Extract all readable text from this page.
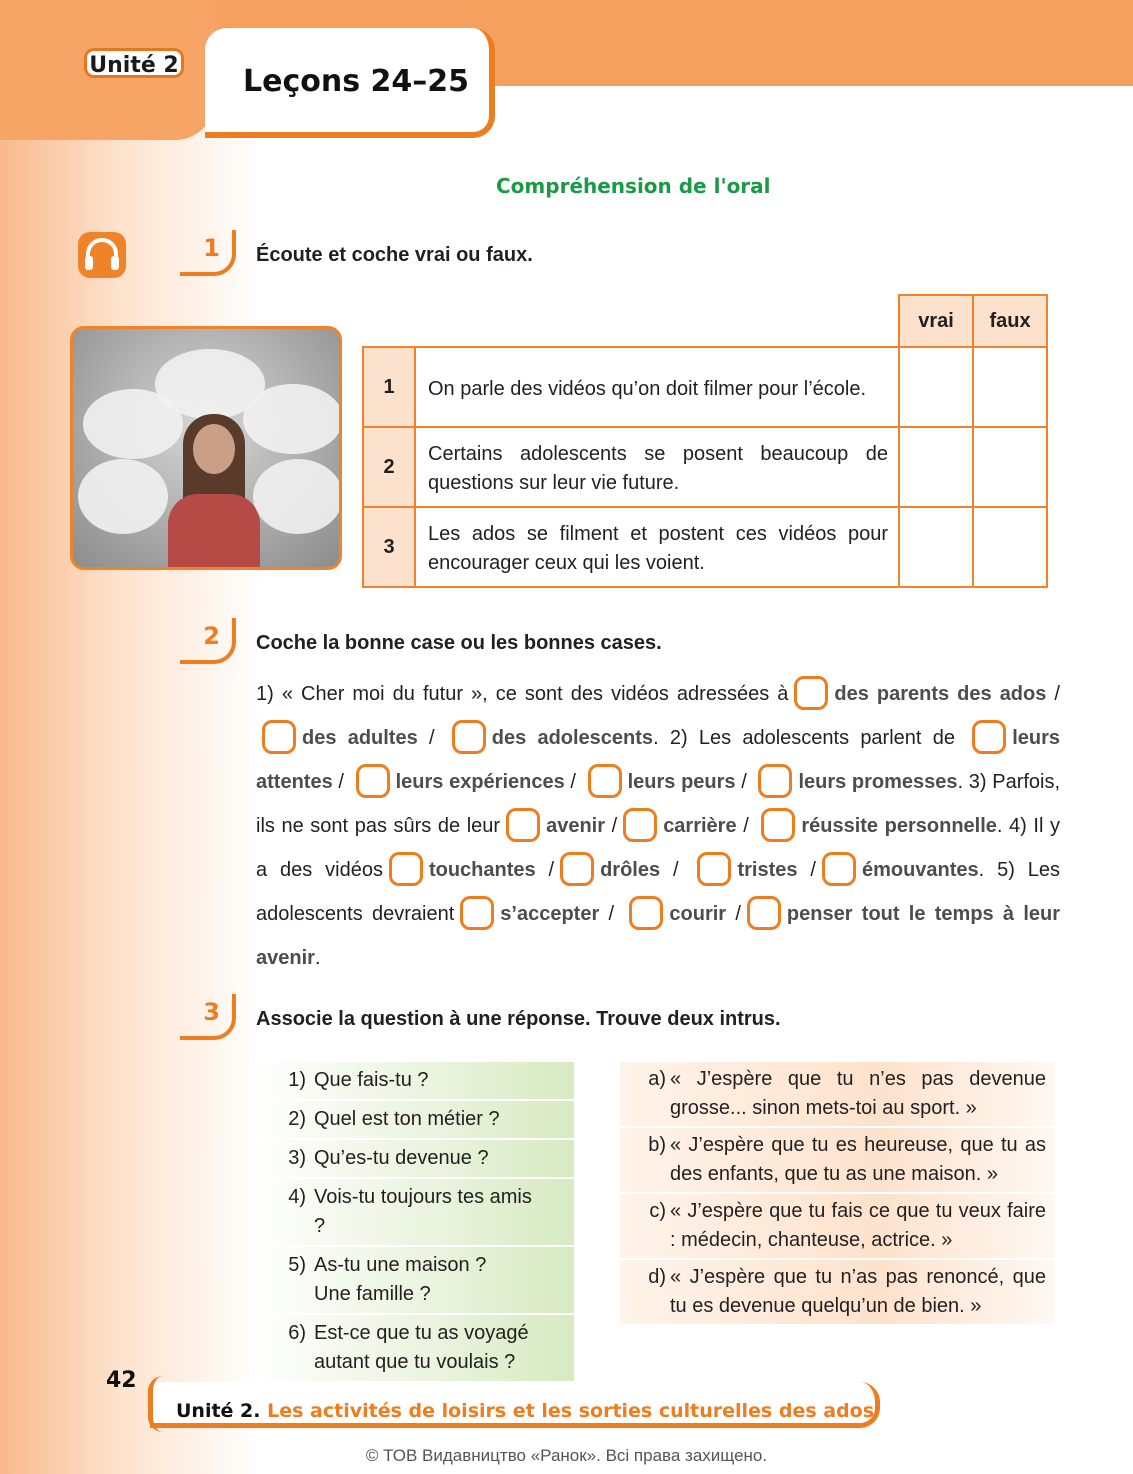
Unité 2 Leçons 24–25
Compréhension de l'oral
1 Écoute et coche vrai ou faux.
		vrai	faux
1	On parle des vidéos qu’on doit filmer pour l’école.		
2	Certains adolescents se posent beaucoup de questions sur leur vie future.		
3	Les ados se filment et postent ces vidéos pour encourager ceux qui les voient.		
2 Coche la bonne case ou les bonnes cases.
1) « Cher moi du futur », ce sont des vidéos adressées à des parents des ados / des adultes /	des adolescents. 2) Les adolescents parlent de	leurs attentes /	leurs expériences /	leurs peurs /	leurs promesses. 3) Parfois, ils ne sont pas sûrs de leur avenir / carrière /	réussite personnelle. 4) Il y a des vidéos touchantes / drôles /	tristes / émouvantes. 5) Les adolescents devraient s’accepter /	courir / penser tout le temps à leur avenir.
3 Associe la question à une réponse. Trouve deux intrus.
1) Que fais-tu ?
2) Quel est ton métier ?
3) Qu’es-tu devenue ?
4) Vois-tu toujours tes amis ?
5) As-tu une maison ? Une famille ?
6) Est-ce que tu as voyagé autant que tu voulais ?
a) « J’espère que tu n’es pas devenue grosse... sinon mets-toi au sport. »
b) « J’espère que tu es heureuse, que tu as des enfants, que tu as une maison. »
c) « J’espère que tu fais ce que tu veux faire : médecin, chanteuse, actrice. »
d) « J’espère que tu n’as pas renoncé, que tu es devenue quelqu’un de bien. »
42
Unité 2. Les activités de loisirs et les sorties culturelles des ados
© ТОВ Видавництво «Ранок». Всі права захищено.
